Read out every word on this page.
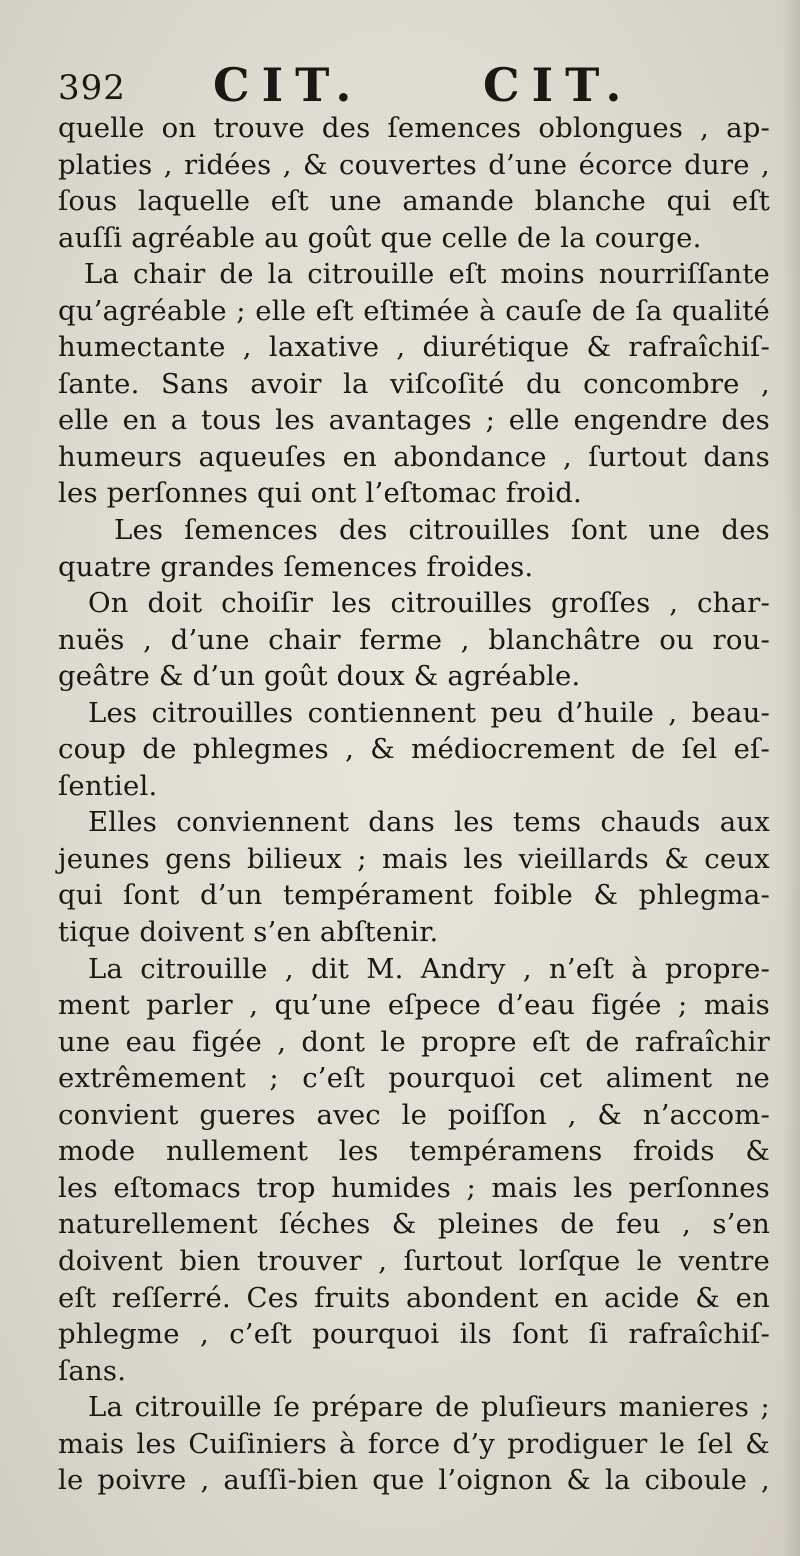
392 CIT.	CIT.
quelle on trouve des ſemences oblongues , ap-
platies , ridées , & couvertes d’une écorce dure ,
ſous laquelle eſt une amande blanche qui eſt
auſſi agréable au goût que celle de la courge.
La chair de la citrouille eſt moins nourriſſante
qu’agréable ; elle eſt eſtimée à cauſe de ſa qualité
humectante , laxative , diurétique & rafraîchiſ-
ſante. Sans avoir la viſcoſité du concombre ,
elle en a tous les avantages ; elle engendre des
humeurs aqueuſes en abondance , ſurtout dans
les perſonnes qui ont l’eſtomac froid.
Les ſemences des citrouilles ſont une des
quatre grandes ſemences froides.
On doit choiſir les citrouilles groſſes , char-
nuës , d’une chair ferme , blanchâtre ou rou-
geâtre & d’un goût doux & agréable.
Les citrouilles contiennent peu d’huile , beau-
coup de phlegmes , & médiocrement de ſel eſ-
ſentiel.
Elles conviennent dans les tems chauds aux
jeunes gens bilieux ; mais les vieillards & ceux
qui ſont d’un tempérament foible & phlegma-
tique doivent s’en abſtenir.
La citrouille , dit M. Andry , n’eſt à propre-
ment parler , qu’une eſpece d’eau figée ; mais
une eau figée , dont le propre eſt de rafraîchir
extrêmement ; c’eſt pourquoi cet aliment ne
convient gueres avec le poiſſon , & n’accom-
mode nullement les tempéramens froids &
les eſtomacs trop humides ; mais les perſonnes
naturellement ſéches & pleines de feu , s’en
doivent bien trouver , ſurtout lorſque le ventre
eſt reſſerré. Ces fruits abondent en acide & en
phlegme , c’eſt pourquoi ils ſont ſi rafraîchiſ-
ſans.
La citrouille ſe prépare de pluſieurs manieres ;
mais les Cuiſiniers à force d’y prodiguer le ſel &
le poivre , auſſi-bien que l’oignon & la ciboule ,
